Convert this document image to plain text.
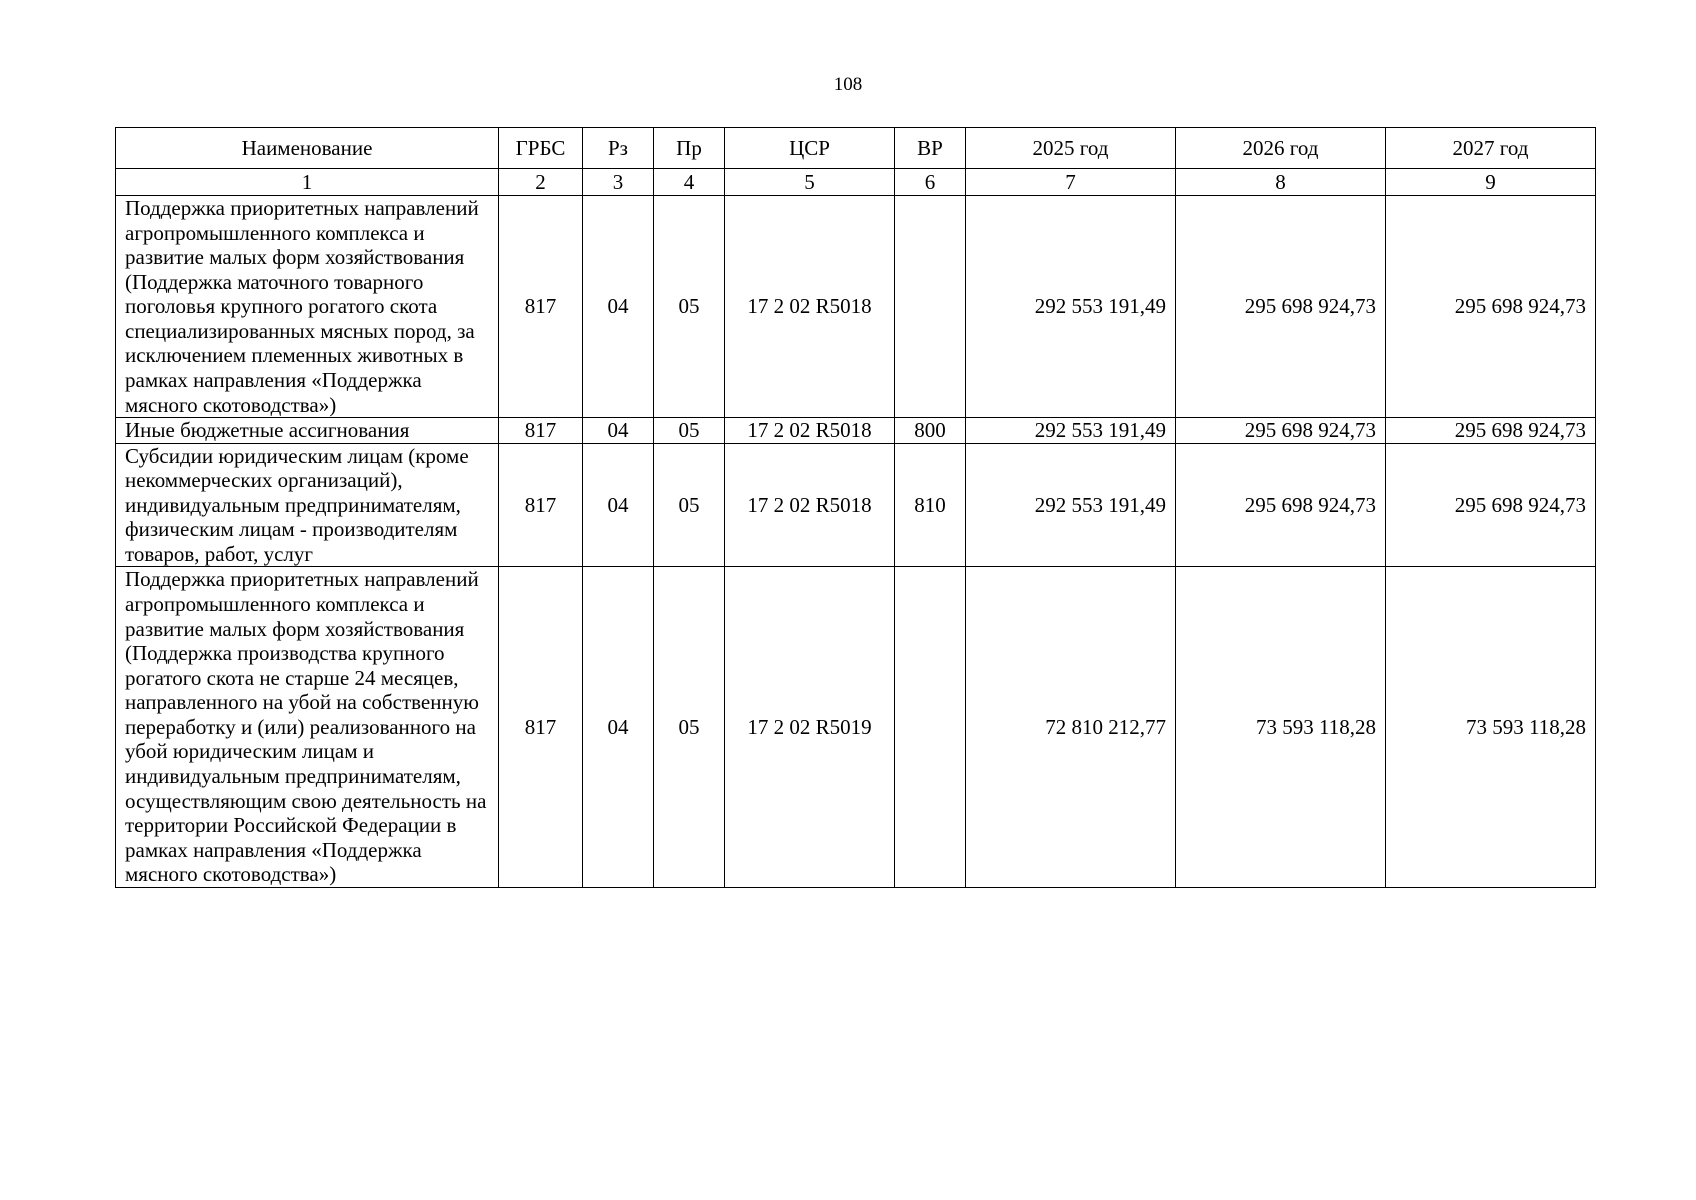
108
Наименование	ГРБС	Рз	Пр	ЦСР	ВР	2025 год	2026 год	2027 год
1	2	3	4	5	6	7	8	9
Поддержка приоритетных направлений агропромышленного комплекса и развитие малых форм хозяйствования (Поддержка маточного товарного поголовья крупного рогатого скота специализированных мясных пород, за исключением племенных животных в рамках направления «Поддержка мясного скотоводства»)	817	04	05	17 2 02 R5018		292 553 191,49	295 698 924,73	295 698 924,73
Иные бюджетные ассигнования	817	04	05	17 2 02 R5018	800	292 553 191,49	295 698 924,73	295 698 924,73
Субсидии юридическим лицам (кроме некоммерческих организаций), индивидуальным предпринимателям, физическим лицам - производителям товаров, работ, услуг	817	04	05	17 2 02 R5018	810	292 553 191,49	295 698 924,73	295 698 924,73
Поддержка приоритетных направлений агропромышленного комплекса и развитие малых форм хозяйствования (Поддержка производства крупного рогатого скота не старше 24 месяцев, направленного на убой на собственную переработку и (или) реализованного на убой юридическим лицам и индивидуальным предпринимателям, осуществляющим свою деятельность на территории Российской Федерации в рамках направления «Поддержка мясного скотоводства»)	817	04	05	17 2 02 R5019		72 810 212,77	73 593 118,28	73 593 118,28
